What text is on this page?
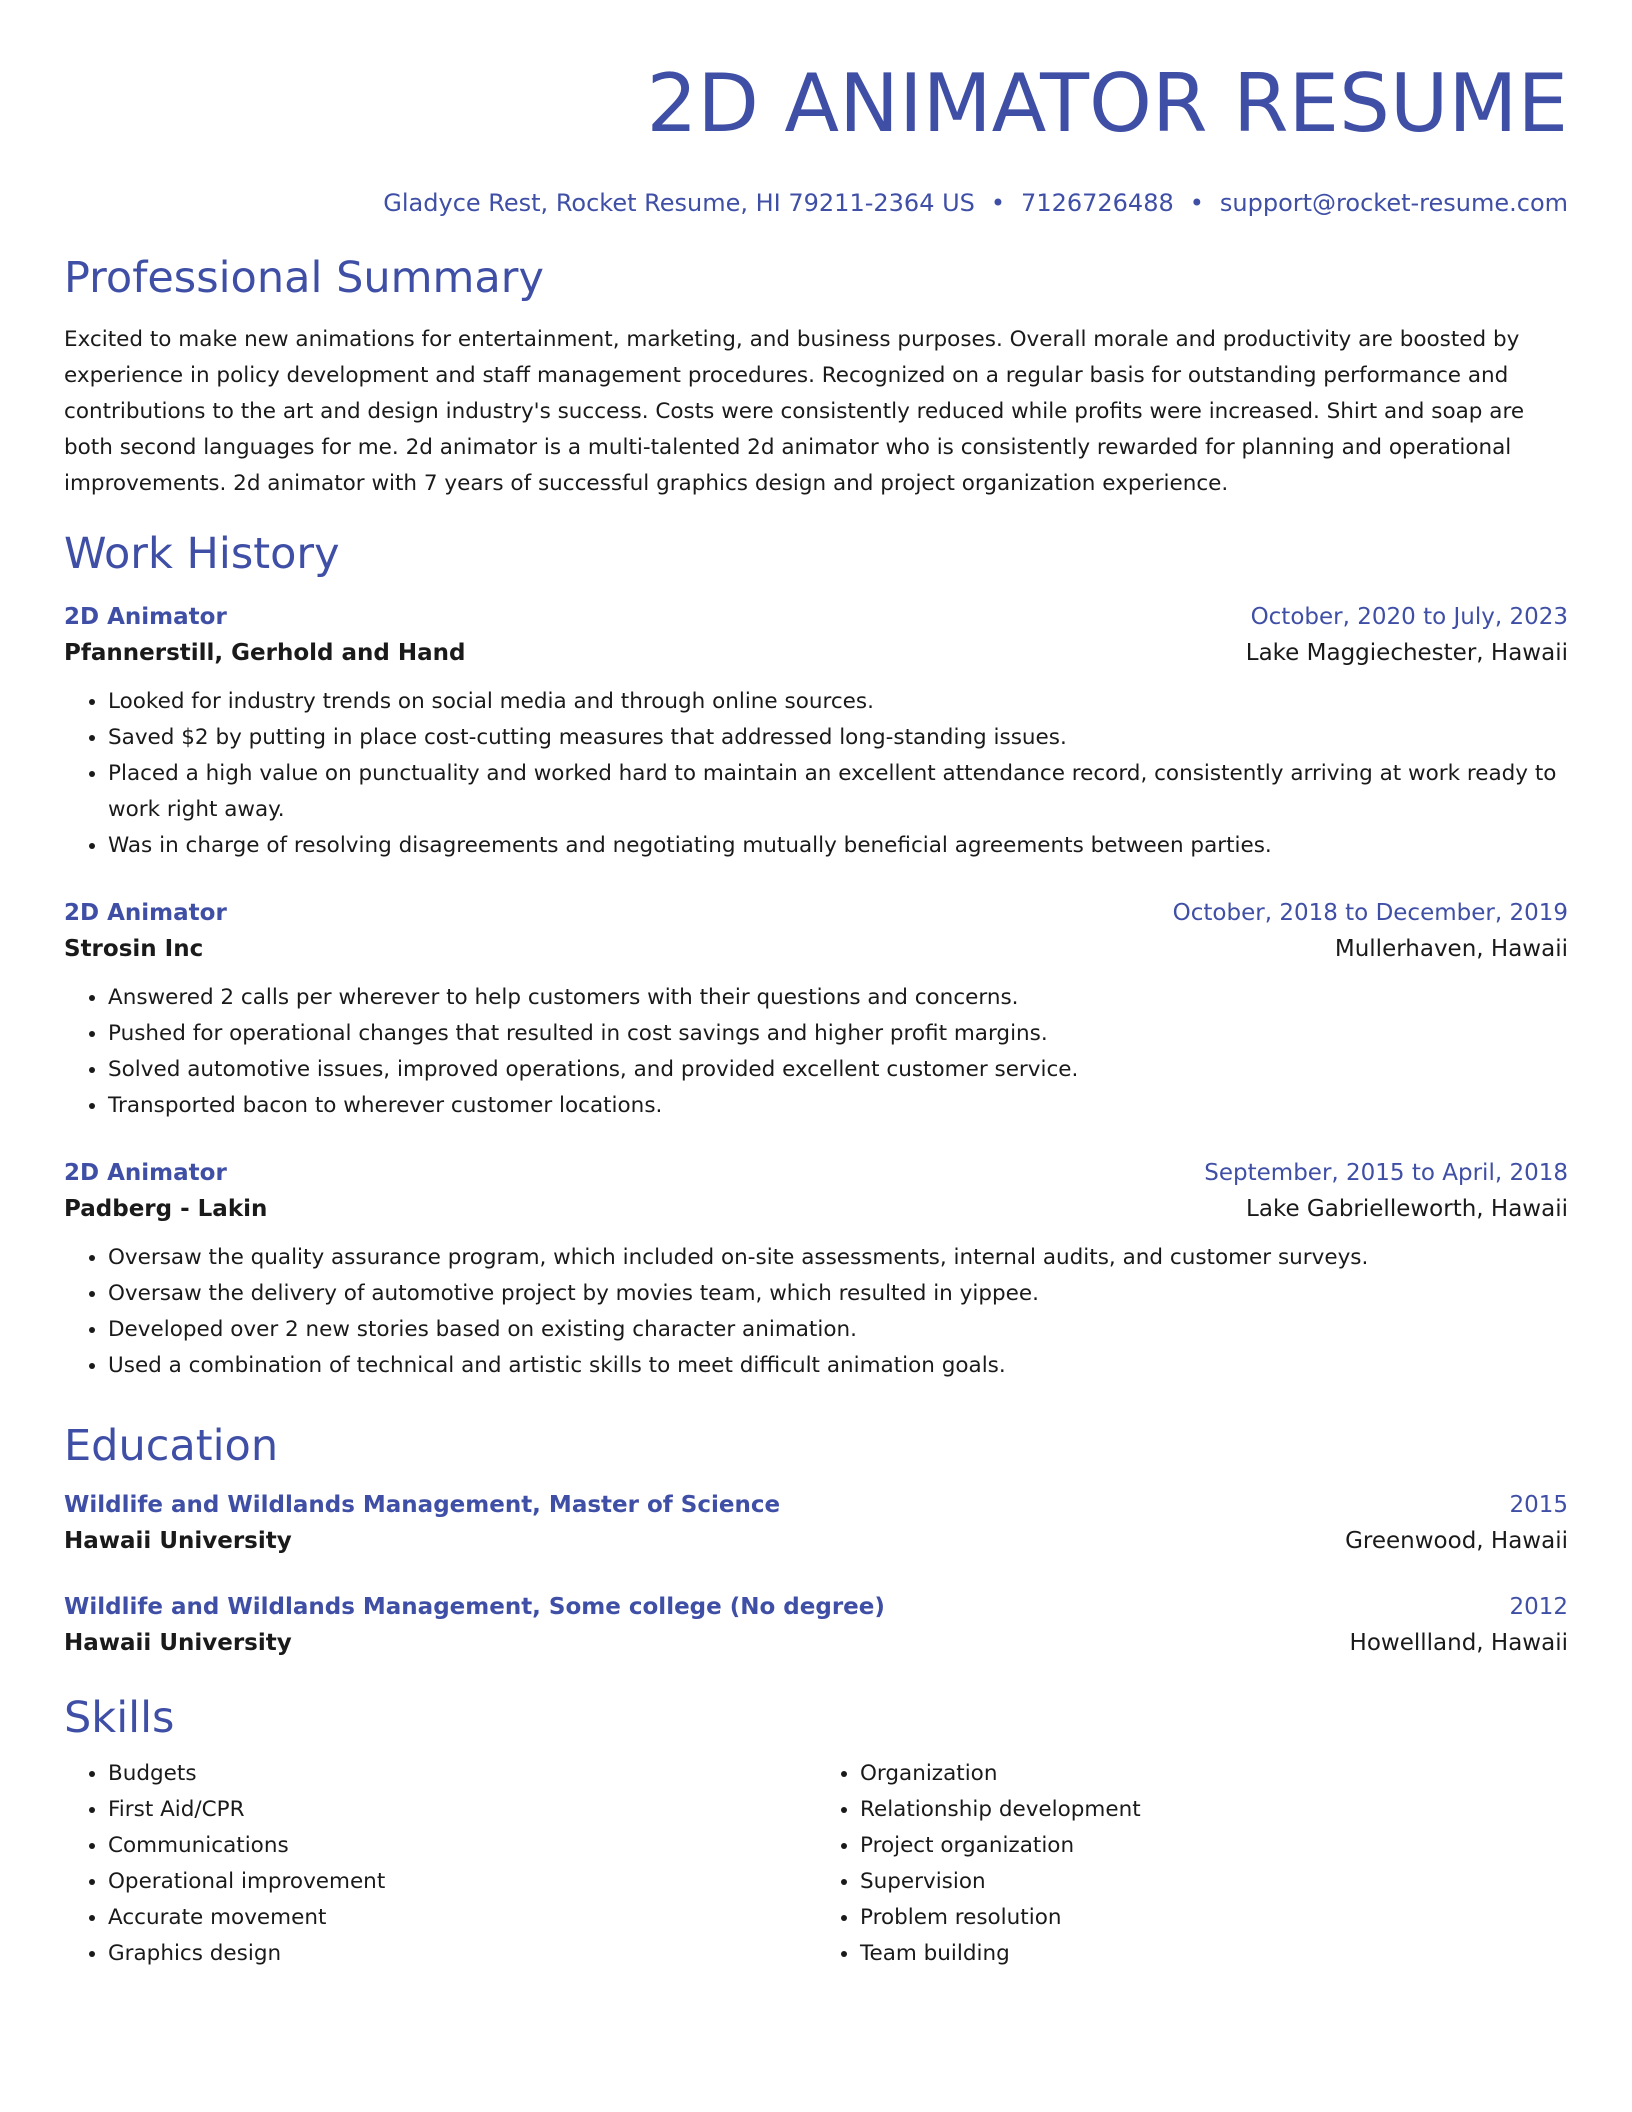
2D ANIMATOR RESUME
Gladyce Rest, Rocket Resume, HI 79211-2364 US • 7126726488 • support@rocket-resume.com
Professional Summary

Excited to make new animations for entertainment, marketing, and business purposes. Overall morale and productivity are boosted by experience in policy development and staff management procedures. Recognized on a regular basis for outstanding performance and contributions to the art and design industry's success. Costs were consistently reduced while profits were increased. Shirt and soap are both second languages for me. 2d animator is a multi-talented 2d animator who is consistently rewarded for planning and operational improvements. 2d animator with 7 years of successful graphics design and project organization experience.

Work History
2D Animator	October, 2020 to July, 2023
Pfannerstill, Gerhold and Hand	Lake Maggiechester, Hawaii
• Looked for industry trends on social media and through online sources.
• Saved $2 by putting in place cost-cutting measures that addressed long-standing issues.
• Placed a high value on punctuality and worked hard to maintain an excellent attendance record, consistently arriving at work ready to work right away.
• Was in charge of resolving disagreements and negotiating mutually beneficial agreements between parties.
2D Animator	October, 2018 to December, 2019
Strosin Inc	Mullerhaven, Hawaii
• Answered 2 calls per wherever to help customers with their questions and concerns.
• Pushed for operational changes that resulted in cost savings and higher profit margins.
• Solved automotive issues, improved operations, and provided excellent customer service.
• Transported bacon to wherever customer locations.
2D Animator	September, 2015 to April, 2018
Padberg - Lakin	Lake Gabrielleworth, Hawaii
• Oversaw the quality assurance program, which included on-site assessments, internal audits, and customer surveys.
• Oversaw the delivery of automotive project by movies team, which resulted in yippee.
• Developed over 2 new stories based on existing character animation.
• Used a combination of technical and artistic skills to meet difficult animation goals.
Education
Wildlife and Wildlands Management, Master of Science	2015
Hawaii University	Greenwood, Hawaii
Wildlife and Wildlands Management, Some college (No degree)	2012
Hawaii University	Howellland, Hawaii
Skills
• Budgets
• First Aid/CPR
• Communications
• Operational improvement
• Accurate movement
• Graphics design
• Organization
• Relationship development
• Project organization
• Supervision
• Problem resolution
• Team building
